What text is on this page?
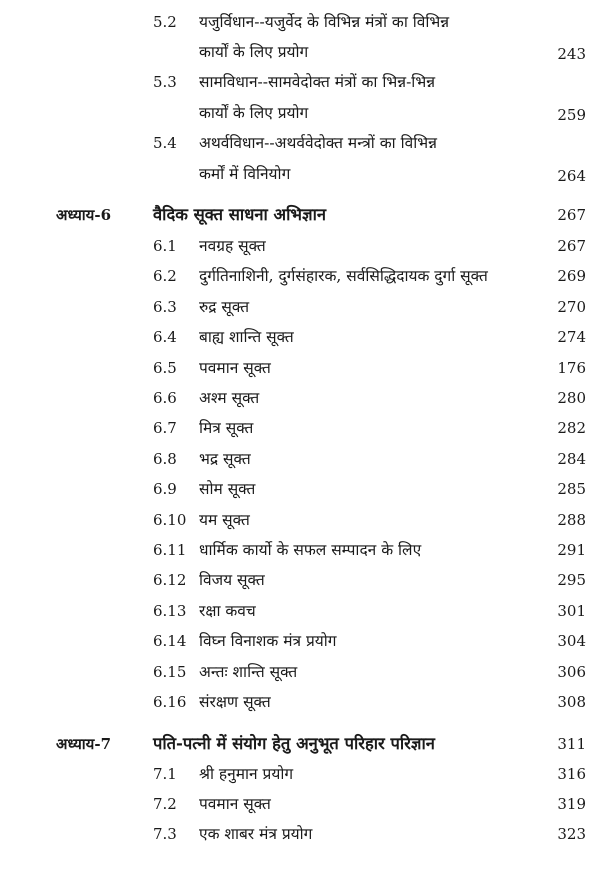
5.2 यजुर्विधान--यजुर्वेद के विभिन्न मंत्रों का विभिन्न
कार्यों के लिए प्रयोग	243
5.3 सामविधान--सामवेदोक्त मंत्रों का भिन्न-भिन्न
कार्यों के लिए प्रयोग	259
5.4 अथर्वविधान--अथर्ववेदोक्त मन्त्रों का विभिन्न
कर्मों में विनियोग	264
अध्याय-6	वैदिक सूक्त साधना अभिज्ञान	267
6.1 नवग्रह सूक्त	267
6.2 दुर्गतिनाशिनी, दुर्गसंहारक, सर्वसिद्धिदायक दुर्गा सूक्त	269
6.3 रुद्र सूक्त	270
6.4 बाह्य शान्ति सूक्त	274
6.5 पवमान सूक्त	176
6.6 अश्म सूक्त	280
6.7 मित्र सूक्त	282
6.8 भद्र सूक्त	284
6.9 सोम सूक्त	285
6.10 यम सूक्त	288
6.11 धार्मिक कार्यो के सफल सम्पादन के लिए	291
6.12 विजय सूक्त	295
6.13 रक्षा कवच	301
6.14 विघ्न विनाशक मंत्र प्रयोग	304
6.15 अन्तः शान्ति सूक्त	306
6.16 संरक्षण सूक्त	308
अध्याय-7	पति-पत्नी में संयोग हेतु अनुभूत परिहार परिज्ञान	311
7.1 श्री हनुमान प्रयोग	316
7.2 पवमान सूक्त	319
7.3 एक शाबर मंत्र प्रयोग	323
